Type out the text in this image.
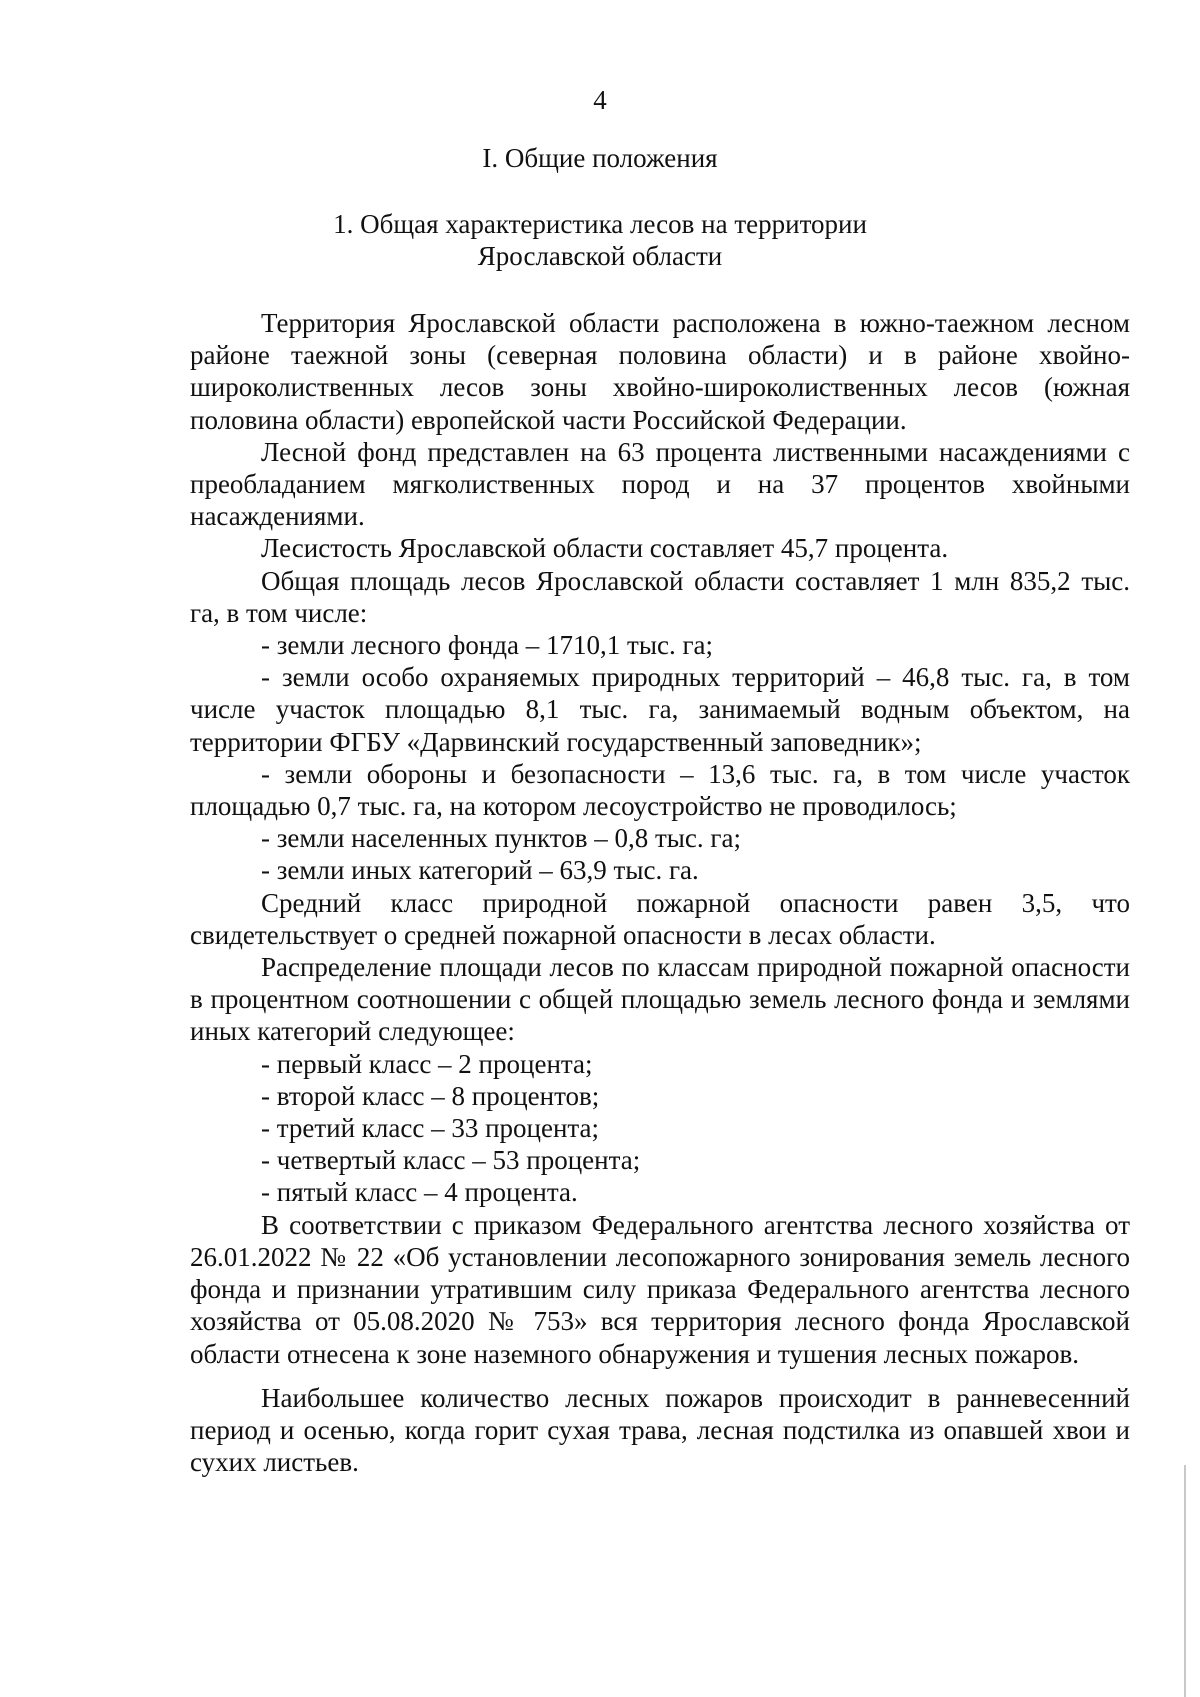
4
I. Общие положения
1. Общая характеристика лесов на территории
Ярославской области

Территория Ярославской области расположена в южно-таежном лесном районе таежной зоны (северная половина области) и в районе хвойно-широколиственных лесов зоны хвойно-широколиственных лесов (южная половина области) европейской части Российской Федерации.

Лесной фонд представлен на 63 процента лиственными насаждениями с преобладанием мягколиственных пород и на 37 процентов хвойными насаждениями.

Лесистость Ярославской области составляет 45,7 процента.

Общая площадь лесов Ярославской области составляет 1 млн 835,2 тыс. га, в том числе:

- земли лесного фонда – 1710,1 тыс. га;

- земли особо охраняемых природных территорий – 46,8 тыс. га, в том числе участок площадью 8,1 тыс. га, занимаемый водным объектом, на территории ФГБУ «Дарвинский государственный заповедник»;

- земли обороны и безопасности – 13,6 тыс. га, в том числе участок площадью 0,7 тыс. га, на котором лесоустройство не проводилось;

- земли населенных пунктов – 0,8 тыс. га;

- земли иных категорий – 63,9 тыс. га.

Средний класс природной пожарной опасности равен 3,5, что свидетельствует о средней пожарной опасности в лесах области.

Распределение площади лесов по классам природной пожарной опасности в процентном соотношении с общей площадью земель лесного фонда и землями иных категорий следующее:

- первый класс – 2 процента;

- второй класс – 8 процентов;

- третий класс – 33 процента;

- четвертый класс – 53 процента;

- пятый класс – 4 процента.

В соответствии с приказом Федерального агентства лесного хозяйства от 26.01.2022 № 22 «Об установлении лесопожарного зонирования земель лесного фонда и признании утратившим силу приказа Федерального агентства лесного хозяйства от 05.08.2020 № 753» вся территория лесного фонда Ярославской области отнесена к зоне наземного обнаружения и тушения лесных пожаров.

Наибольшее количество лесных пожаров происходит в ранневесенний период и осенью, когда горит сухая трава, лесная подстилка из опавшей хвои и сухих листьев.
